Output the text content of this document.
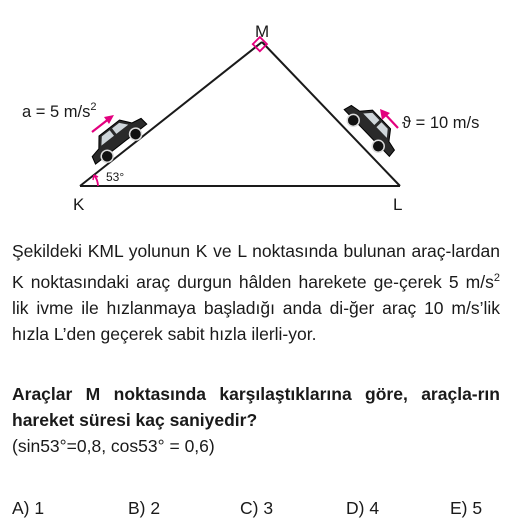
M
K	L
53°
a = 5 $m/s^2$
ϑ = 10 m/s

Şekildeki KML yolunun K ve L noktasında bulunan araç-lardan K noktasındaki araç durgun hâlden harekete ge-çerek 5 $m/s^2$ lik ivme ile hızlanmaya başladığı anda di-ğer araç 10 m/s’lik hızla L’den geçerek sabit hızla ilerli-yor.

Araçlar M noktasında karşılaştıklarına göre, araçla-rın hareket süresi kaç saniyedir?

(sin53°=0,8, cos53° = 0,6)

A) 1	B) 2	C) 3	D) 4	E) 5
